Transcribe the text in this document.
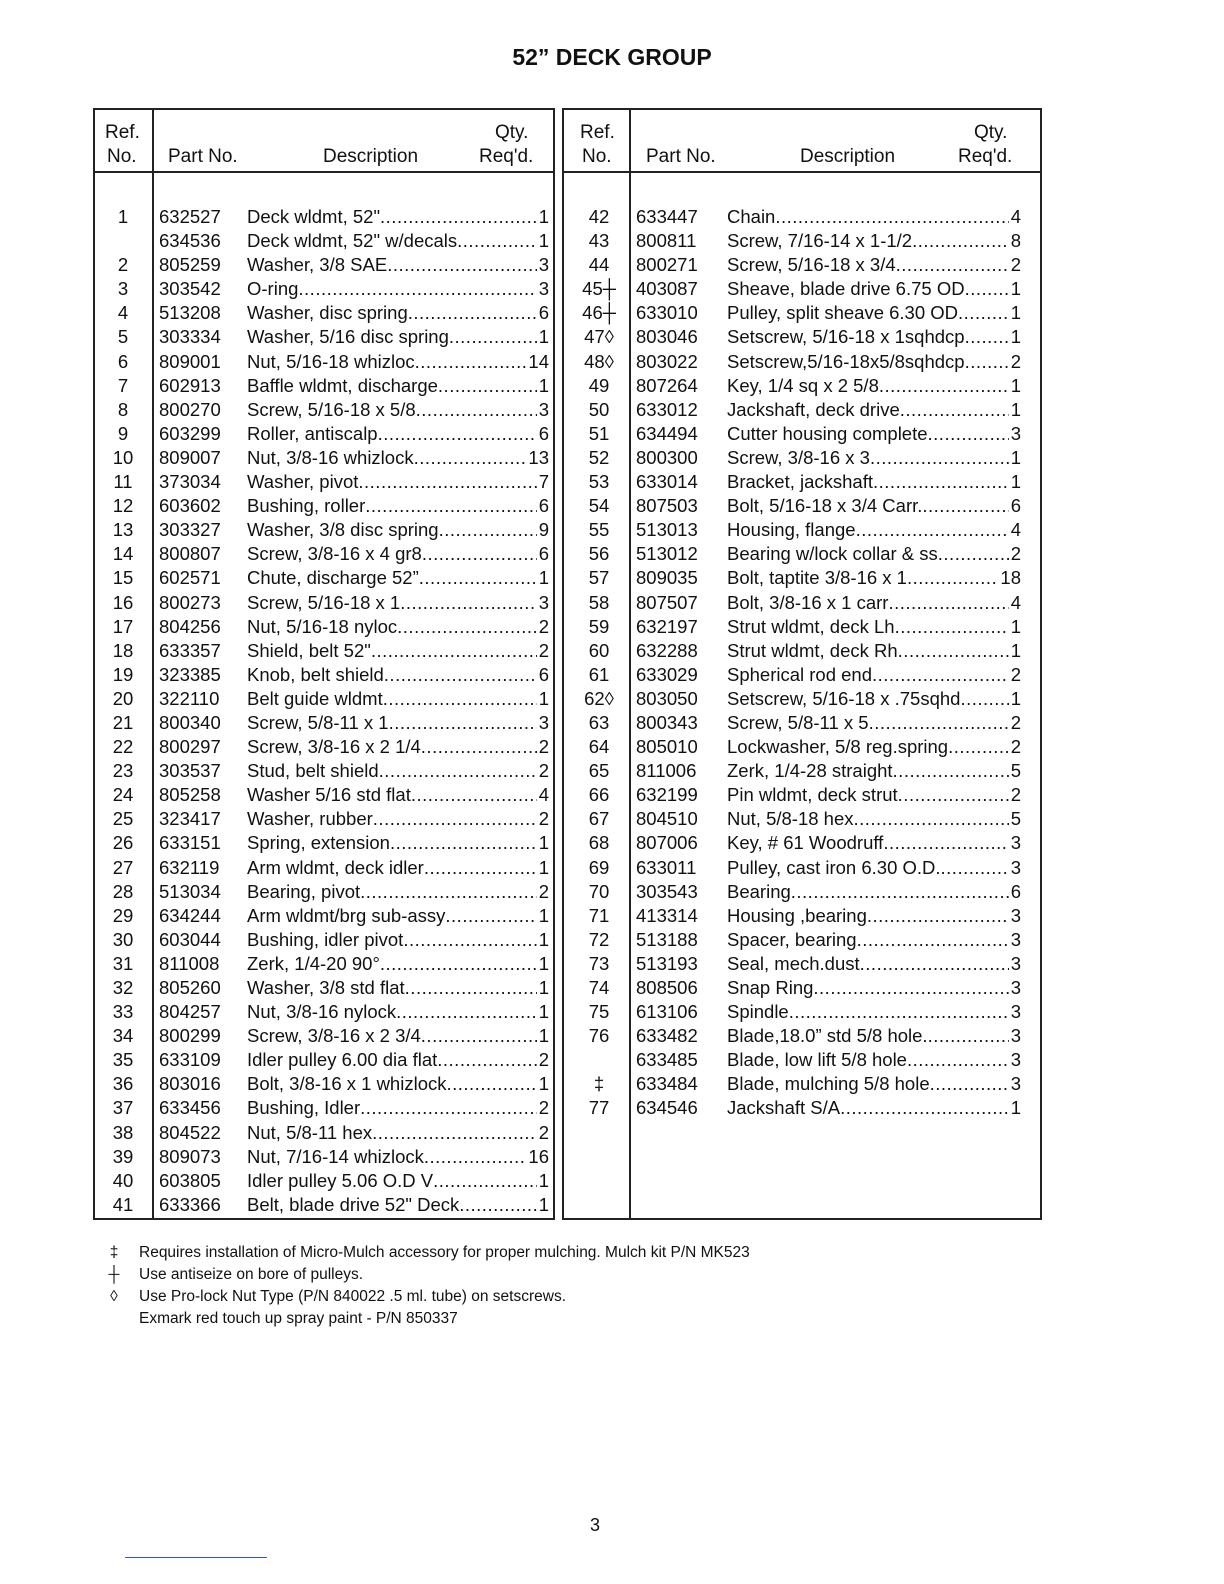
52” DECK GROUP
Ref.
No. Part No.	Description
Qty.
Req'd.
1	632527 Deck wldmt, 52" .....	1
634536 Deck wldmt, 52" w/decals .....	1
2	805259 Washer, 3/8 SAE .....	3
3	303542 O-ring .....	3
4	513208 Washer, disc spring .....	6
5	303334 Washer, 5/16 disc spring .....	1
6	809001 Nut, 5/16-18 whizloc .....	14
7	602913 Baffle wldmt, discharge .....	1
8	800270 Screw, 5/16-18 x 5/8 .....	3
9	603299 Roller, antiscalp .....	6
10	809007 Nut, 3/8-16 whizlock .....	13
11	373034 Washer, pivot .....	7
12	603602 Bushing, roller .....	6
13	303327 Washer, 3/8 disc spring .....	9
14	800807 Screw, 3/8-16 x 4 gr8 .....	6
15	602571 Chute, discharge 52” .....	1
16	800273 Screw, 5/16-18 x 1 .....	3
17	804256 Nut, 5/16-18 nyloc .....	2
18	633357 Shield, belt 52" .....	2
19	323385 Knob, belt shield .....	6
20	322110 Belt guide wldmt .....	1
21	800340 Screw, 5/8-11 x 1 .....	3
22	800297 Screw, 3/8-16 x 2 1/4 .....	2
23	303537 Stud, belt shield .....	2
24	805258 Washer 5/16 std flat .....	4
25	323417 Washer, rubber .....	2
26	633151 Spring, extension .....	1
27	632119 Arm wldmt, deck idler .....	1
28	513034 Bearing, pivot .....	2
29	634244 Arm wldmt/brg sub-assy .....	1
30	603044 Bushing, idler pivot .....	1
31	811008 Zerk, 1/4-20 90° .....	1
32	805260 Washer, 3/8 std flat .....	1
33	804257 Nut, 3/8-16 nylock .....	1
34	800299 Screw, 3/8-16 x 2 3/4 .....	1
35	633109 Idler pulley 6.00 dia flat .....	2
36	803016 Bolt, 3/8-16 x 1 whizlock .....	1
37	633456 Bushing, Idler .....	2
38	804522 Nut, 5/8-11 hex .....	2
39	809073 Nut, 7/16-14 whizlock .....	16
40	603805 Idler pulley 5.06 O.D V .....	1
41	633366 Belt, blade drive 52" Deck .....	1
Ref.
No. Part No.	Description
Qty.
Req'd.
42	633447 Chain .....	4
43	800811 Screw, 7/16-14 x 1-1/2 .....	8
44	800271 Screw, 5/16-18 x 3/4 .....	2
45┼	403087 Sheave, blade drive 6.75 OD ..... 1
46┼	633010 Pulley, split sheave 6.30 OD .....	1
47◊	803046 Setscrew, 5/16-18 x 1sqhdcp ..... 1
48◊	803022 Setscrew,5/16-18x5/8sqhdcp ..... 2
49	807264 Key, 1/4 sq x 2 5/8 .....	1
50	633012 Jackshaft, deck drive .....	1
51	634494 Cutter housing complete .....	3
52	800300 Screw, 3/8-16 x 3 .....	1
53	633014 Bracket, jackshaft .....	1
54	807503 Bolt, 5/16-18 x 3/4 Carr. .....	6
55	513013 Housing, flange .....	4
56	513012 Bearing w/lock collar & ss .....	2
57	809035 Bolt, taptite 3/8-16 x 1 .....	18
58	807507 Bolt, 3/8-16 x 1 carr .....	4
59	632197 Strut wldmt, deck Lh .....	1
60	632288 Strut wldmt, deck Rh .....	1
61	633029 Spherical rod end .....	2
62◊	803050 Setscrew, 5/16-18 x .75sqhd .....	1
63	800343 Screw, 5/8-11 x 5 .....	2
64	805010 Lockwasher, 5/8 reg.spring .....	2
65	811006 Zerk, 1/4-28 straight .....	5
66	632199 Pin wldmt, deck strut .....	2
67	804510 Nut, 5/8-18 hex .....	5
68	807006 Key, # 61 Woodruff .....	3
69	633011 Pulley, cast iron 6.30 O.D. .....	3
70	303543 Bearing .....	6
71	413314 Housing ,bearing .....	3
72	513188 Spacer, bearing .....	3
73	513193 Seal, mech.dust .....	3
74	808506 Snap Ring .....	3
75	613106 Spindle .....	3
76	633482 Blade,18.0” std 5/8 hole. .....	3
633485 Blade, low lift 5/8 hole .....	3
‡	633484 Blade, mulching 5/8 hole .....	3
77	634546 Jackshaft S/A .....	1
‡	Requires installation of Micro-Mulch accessory for proper mulching. Mulch kit P/N MK523
┼ Use antiseize on bore of pulleys.
◊	Use Pro-lock Nut Type (P/N 840022 .5 ml. tube) on setscrews.
Exmark red touch up spray paint - P/N 850337
3
